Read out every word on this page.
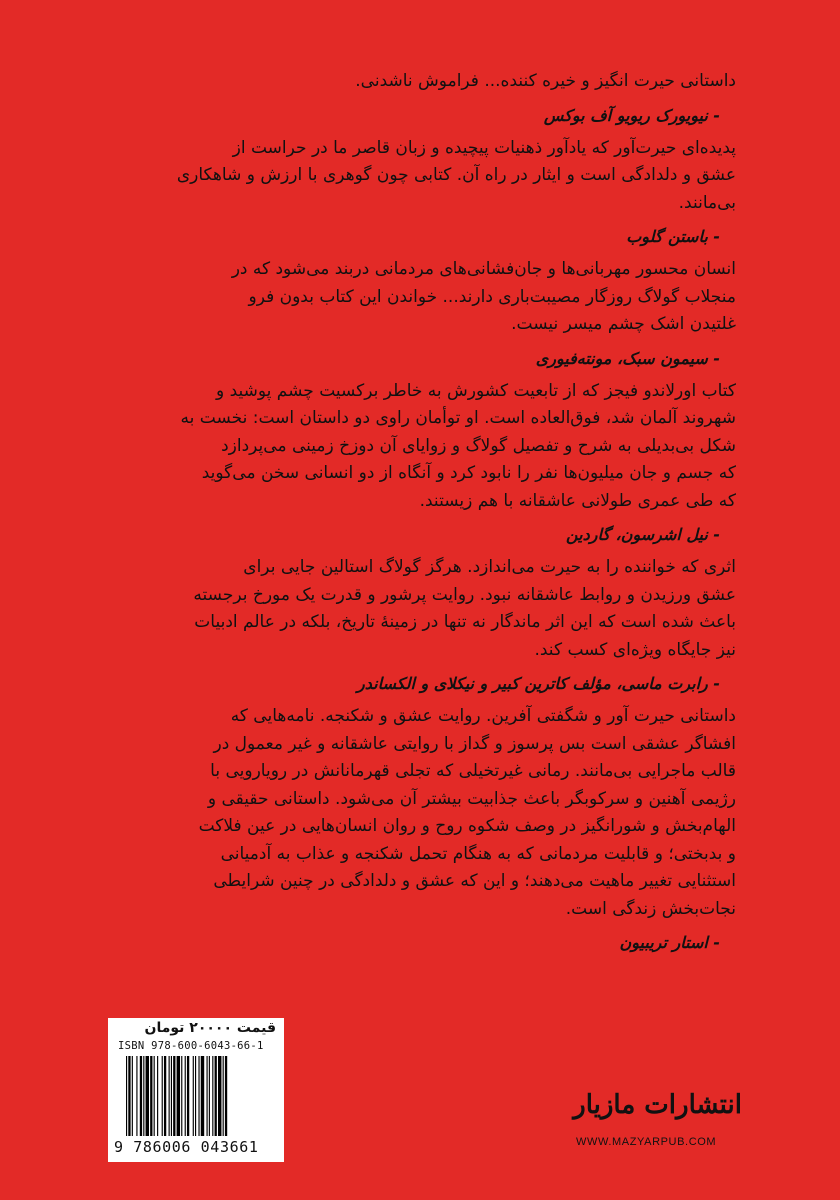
داستانی حیرت انگیز و خیره کننده... فراموش ناشدنی.
- نیویورک ریویو آف بوکس
پدیده‌ای حیرت‌آور که یادآور ذهنیات پیچیده و زبان قاصر ما در حراست از
عشق و دلدادگی است و ایثار در راه آن. کتابی چون گوهری با ارزش و شاهکاری
بی‌مانند.
- باستن گلوب
انسان محسور مهربانی‌ها و جان‌فشانی‌های مردمانی دربند می‌شود که در
منجلاب گولاگ روزگار مصیبت‌باری دارند... خواندن این کتاب بدون فرو
غلتیدن اشک چشم میسر نیست.
- سیمون سبک، مونته‌فیوری
کتاب اورلاندو فیجز که از تابعیت کشورش به خاطر برکسیت چشم پوشید و
شهروند آلمان شد، فوق‌العاده است. او توأمان راوی دو داستان است: نخست به
شکل بی‌بدیلی به شرح و تفصیل گولاگ و زوایای آن دوزخ زمینی می‌پردازد
که جسم و جان میلیون‌ها نفر را نابود کرد و آنگاه از دو انسانی سخن می‌گوید
که طی عمری طولانی عاشقانه با هم زیستند.
- نیل اشرسون، گاردین
اثری که خواننده را به حیرت می‌اندازد. هرگز گولاگ استالین جایی برای
عشق ورزیدن و روابط عاشقانه نبود. روایت پرشور و قدرت یک مورخ برجسته
باعث شده است که این اثر ماندگار نه تنها در زمینهٔ تاریخ، بلکه در عالم ادبیات
نیز جایگاه ویژه‌ای کسب کند.
- رابرت ماسی، مؤلف کاترین کبیر و نیکلای و الکساندر
داستانی حیرت آور و شگفتی آفرین. روایت عشق و شکنجه. نامه‌هایی که
افشاگر عشقی است بس پرسوز و گداز با روایتی عاشقانه و غیر معمول در
قالب ماجرایی بی‌مانند. رمانی غیرتخیلی که تجلی قهرمانانش در رویارویی با
رژیمی آهنین و سرکوبگر باعث جذابیت بیشتر آن می‌شود. داستانی حقیقی و
الهام‌بخش و شورانگیز در وصف شکوه روح و روان انسان‌هایی در عین فلاکت
و بدبختی؛ و قابلیت مردمانی که به هنگام تحمل شکنجه و عذاب به آدمیانی
استثنایی تغییر ماهیت می‌دهند؛ و این که عشق و دلدادگی در چنین شرایطی
نجات‌بخش زندگی است.
- استار تریبیون
قیمت ۲۰۰۰۰ تومان
ISBN 978-600-6043-66-1
9 786006 043661
انتشارات مازیار
WWW.MAZYARPUB.COM
